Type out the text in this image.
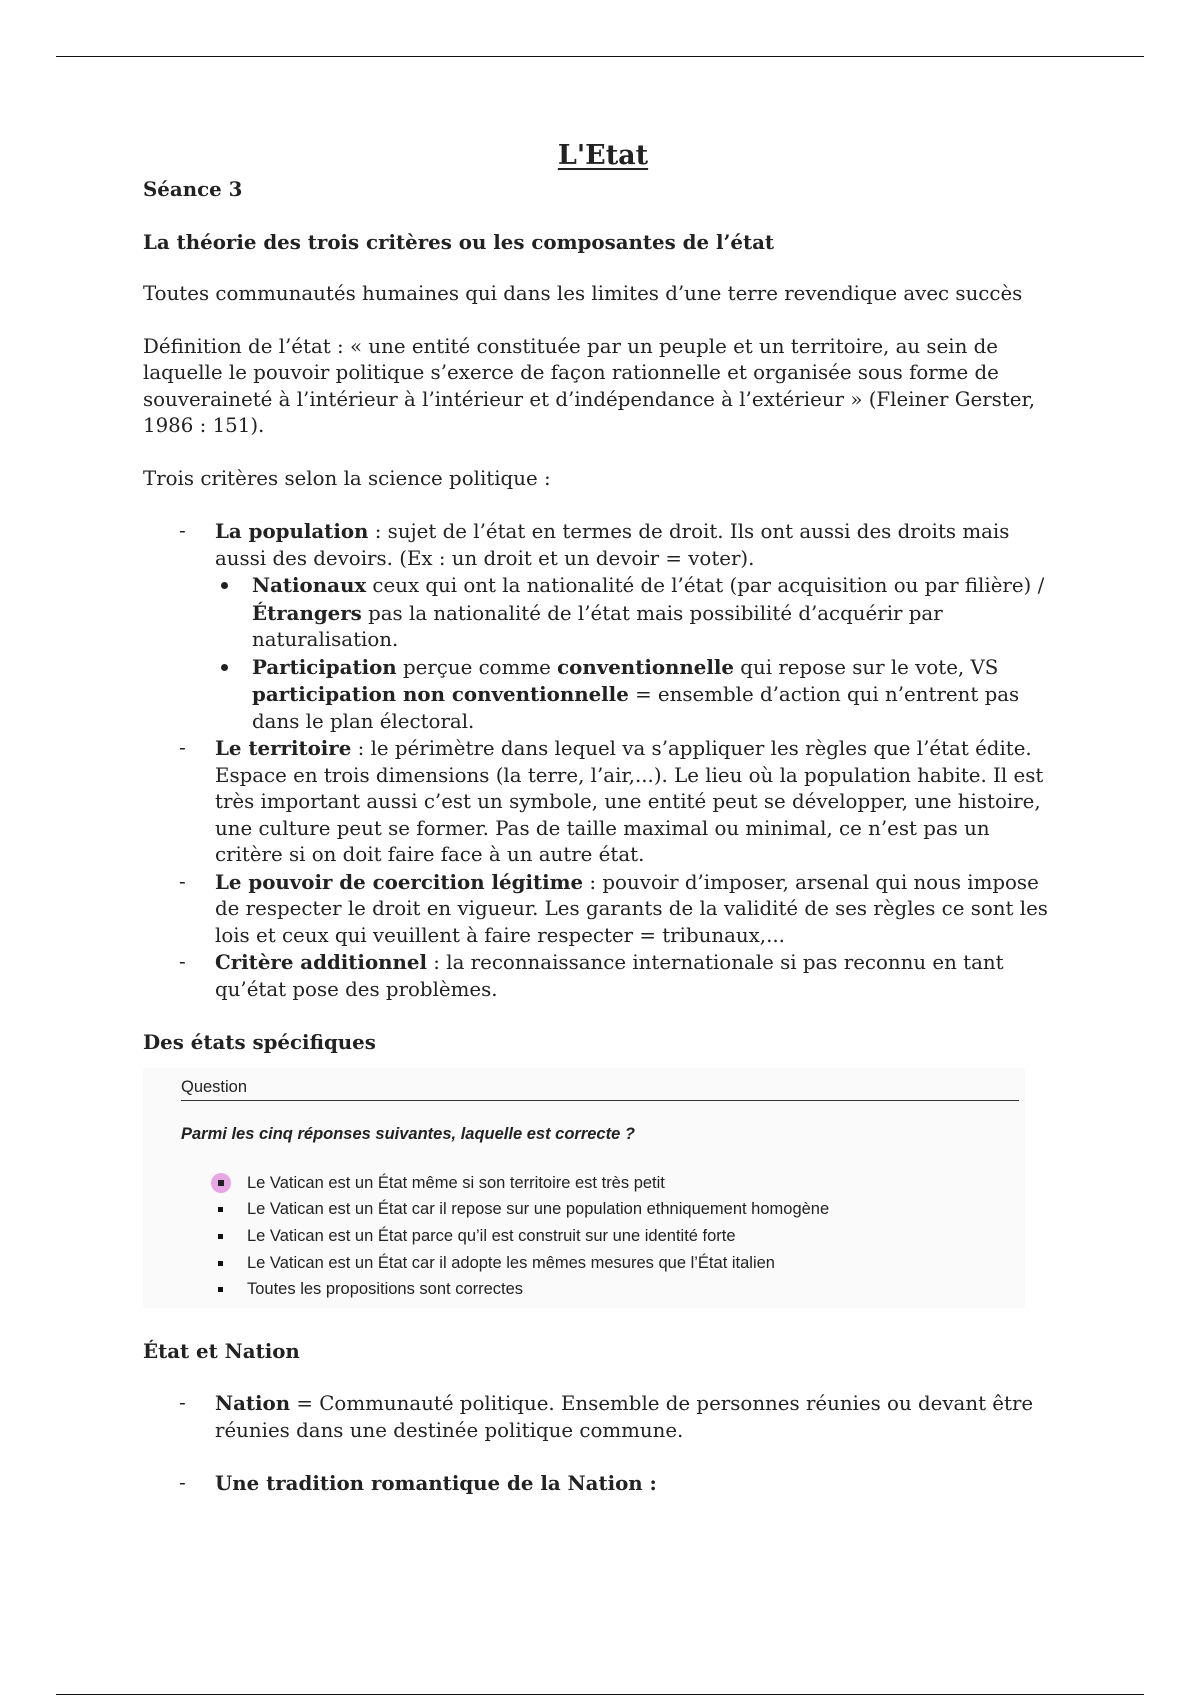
L'Etat

Séance 3

La théorie des trois critères ou les composantes de l’état

Toutes communautés humaines qui dans les limites d’une terre revendique avec succès

Définition de l’état : « une entité constituée par un peuple et un territoire, au sein de laquelle le pouvoir politique s’exerce de façon rationnelle et organisée sous forme de souveraineté à l’intérieur à l’intérieur et d’indépendance à l’extérieur » (Fleiner Gerster, 1986 : 151).

Trois critères selon la science politique :

- La population : sujet de l’état en termes de droit. Ils ont aussi des droits mais aussi des devoirs. (Ex : un droit et un devoir = voter).
Nationaux ceux qui ont la nationalité de l’état (par acquisition ou par filière) / Étrangers pas la nationalité de l’état mais possibilité d’acquérir par naturalisation.
Participation perçue comme conventionnelle qui repose sur le vote, VS participation non conventionnelle = ensemble d’action qui n’entrent pas dans le plan électoral.
- Le territoire : le périmètre dans lequel va s’appliquer les règles que l’état édite. Espace en trois dimensions (la terre, l’air,...). Le lieu où la population habite. Il est très important aussi c’est un symbole, une entité peut se développer, une histoire, une culture peut se former. Pas de taille maximal ou minimal, ce n’est pas un critère si on doit faire face à un autre état.
- Le pouvoir de coercition légitime : pouvoir d’imposer, arsenal qui nous impose de respecter le droit en vigueur. Les garants de la validité de ses règles ce sont les lois et ceux qui veuillent à faire respecter = tribunaux,...
- Critère additionnel : la reconnaissance internationale si pas reconnu en tant qu’état pose des problèmes.

Des états spécifiques

Question
Parmi les cinq réponses suivantes, laquelle est correcte ?
Le Vatican est un État même si son territoire est très petit
Le Vatican est un État car il repose sur une population ethniquement homogène
Le Vatican est un État parce qu’il est construit sur une identité forte
Le Vatican est un État car il adopte les mêmes mesures que l’État italien
Toutes les propositions sont correctes

État et Nation

- Nation = Communauté politique. Ensemble de personnes réunies ou devant être réunies dans une destinée politique commune.
- Une tradition romantique de la Nation :
